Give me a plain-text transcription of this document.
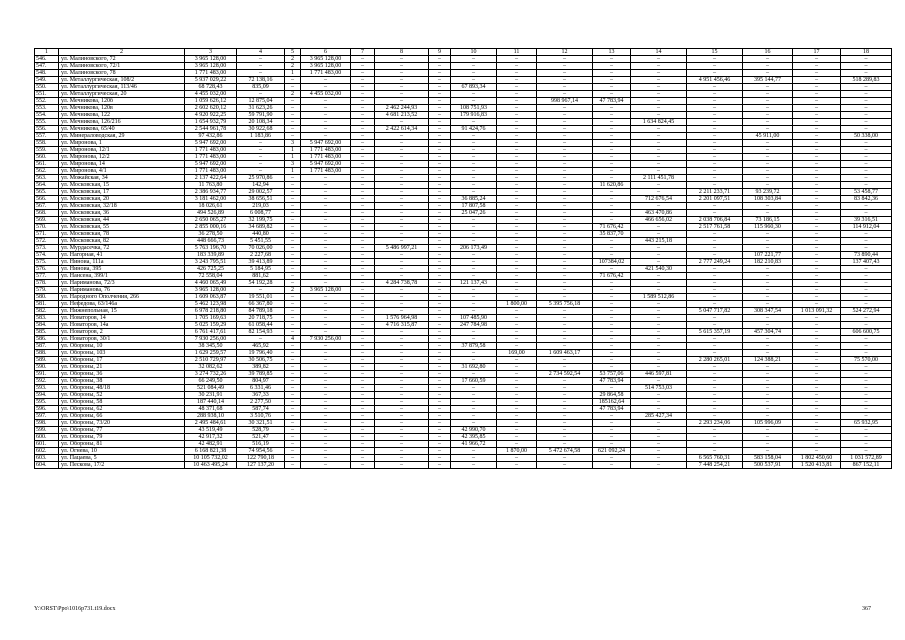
1	2	3	4	5	6	7	8	9	10	11	12	13	14	15	16	17	18
546.	ул. Малиновского, 72	3 965 128,00	–	2	3 965 128,00	–	–	–	–	–	–	–	–	–	–	–	–
547.	ул. Малиновского, 72/1	3 965 128,00	–	2	3 965 128,00	–	–	–	–	–	–	–	–	–	–	–	–
548.	ул. Малиновского, 78	1 771 483,00	–	1	1 771 483,00	–	–	–	–	–	–	–	–	–	–	–	–
549.	ул. Металлургическая, 108/2	5 937 029,22	72 138,16	–	–	–	–	–	–	–	–	–	–	4 951 456,46	395 144,77	–	518 289,83
550.	ул. Металлургическая, 113/46	68 728,43	835,09	–	–	–	–	–	67 893,34	–	–	–	–	–	–	–	–
551.	ул. Металлургическая, 20	4 455 032,00	–	2	4 455 032,00	–	–	–	–	–	–	–	–	–	–	–	–
552.	ул. Мечникова, 120б	1 059 626,12	12 875,04	–	–	–	–	–	–	–	998 967,14	47 783,94	–	–	–	–	–
553.	ул. Мечникова, 120в	2 602 620,12	31 623,26	–	–	–	2 462 244,93	–	108 751,93	–	–	–	–	–	–	–	–
554.	ул. Мечникова, 122	4 920 922,25	59 791,90	–	–	–	4 681 213,52	–	179 916,83	–	–	–	–	–	–	–	–
555.	ул. Мечникова, 126/216	1 654 932,79	20 108,34	–	–	–	–	–	–	–	–	–	1 634 824,45	–	–	–	–
556.	ул. Мечникова, 65/40	2 544 961,78	30 922,68	–	–	–	2 422 614,34	–	91 424,76	–	–	–	–	–	–	–	–
557.	ул. Минераловодская, 29	97 432,86	1 183,86	–	–	–	–	–	–	–	–	–	–	–	45 911,00	–	50 338,00
558.	ул. Миронова, 1	5 947 692,00	–	3	5 947 692,00	–	–	–	–	–	–	–	–	–	–	–	–
559.	ул. Миронова, 12/1	1 771 483,00	–	1	1 771 483,00	–	–	–	–	–	–	–	–	–	–	–	–
560.	ул. Миронова, 12/2	1 771 483,00	–	1	1 771 483,00	–	–	–	–	–	–	–	–	–	–	–	–
561.	ул. Миронова, 14	5 947 692,00	–	3	5 947 692,00	–	–	–	–	–	–	–	–	–	–	–	–
562.	ул. Миронова, 4/1	1 771 483,00	–	1	1 771 483,00	–	–	–	–	–	–	–	–	–	–	–	–
563.	ул. Можайская, 34	2 137 422,64	25 970,86	–	–	–	–	–	–	–	–	–	2 111 451,78	–	–	–	–
564.	ул. Московская, 15	11 763,80	142,94	–	–	–	–	–	–	–	–	11 620,86	–	–	–	–	–
565.	ул. Московская, 17	2 386 934,77	29 002,57	–	–	–	–	–	–	–	–	–	–	2 211 233,71	93 239,72	–	53 458,77
566.	ул. Московская, 20	3 181 462,00	38 656,51	–	–	–	–	–	36 885,24	–	–	–	712 676,54	2 201 097,51	108 303,84	–	83 842,36
567.	ул. Московская, 32/18	18 026,61	219,03	–	–	–	–	–	17 807,58	–	–	–	–	–	–	–	–
568.	ул. Московская, 36	494 526,89	6 008,77	–	–	–	–	–	25 047,26	–	–	–	463 470,86	–	–	–	–
569.	ул. Московская, 44	2 650 065,27	32 199,75	–	–	–	–	–	–	–	–	–	466 656,02	2 038 706,84	73 186,15	–	39 316,51
570.	ул. Московская, 55	2 855 000,16	34 689,82	–	–	–	–	–	–	–	–	71 676,42	–	2 517 761,58	115 960,30	–	114 912,04
571.	ул. Московская, 78	36 278,50	440,80	–	–	–	–	–	–	–	–	35 837,70	–	–	–	–	–
572.	ул. Московская, 82	448 666,73	5 451,55	–	–	–	–	–	–	–	–	–	443 215,18	–	–	–	–
573.	ул. Мурдасечка, 72	5 763 196,70	70 026,00	–	–	–	5 486 997,21	–	206 173,49	–	–	–	–	–	–	–	–
574.	ул. Нагорная, 41	183 339,89	2 227,68	–	–	–	–	–	–	–	–	–	–	–	107 221,77	–	73 890,44
575.	ул. Ниноиа, 111а	3 243 795,51	39 413,89	–	–	–	–	–	–	–	–	107384,02	–	2 777 249,24	182 210,83	–	137 407,43
576.	ул. Ниноиа, 395	426 725,25	5 184,95	–	–	–	–	–	–	–	–	–	421 540,30	–	–	–	–
577.	ул. Нансена, 399/1	72 558,04	881,62	–	–	–	–	–	–	–	–	71 676,42	–	–	–	–	–
578.	ул. Нариманова, 72/3	4 460 065,49	54 192,28	–	–	–	4 284 738,78	–	121 137,43	–	–	–	–	–	–	–	–
579.	ул. Нариманова, 76	3 965 128,00	–	2	3 965 128,00	–	–	–	–	–	–	–	–	–	–	–	–
580.	ул. Народного Ополчения, 266	1 609 063,87	19 551,01	–	–	–	–	–	–	–	–	–	1 589 512,86	–	–	–	–
581.	ул. Нефедова, 63/146а	5 462 123,98	66 367,80	–	–	–	–	–	–	1 800,00	5 395 756,18	–	–	–	–	–	–
582.	ул. Нижнепольная, 15	6 978 218,80	84 789,18	–	–	–	–	–	–	–	–	–	–	5 047 717,82	308 347,54	1 013 091,32	524 272,94
583.	ул. Новаторов, 14	1 705 169,63	20 718,75	–	–	–	1 576 964,98	–	107 485,90	–	–	–	–	–	–	–	–
584.	ул. Новаторов, 14а	5 025 159,29	61 058,44	–	–	–	4 716 315,87	–	247 784,98	–	–	–	–	–	–	–	–
585.	ул. Новаторов, 2	6 761 417,61	82 154,93	–	–	–	–	–	–	–	–	–	–	5 615 357,19	457 304,74	–	606 600,75
586.	ул. Новаторов, 30/1	7 930 256,00	–	4	7 930 256,00	–	–	–	–	–	–	–	–	–	–	–	–
587.	ул. Обороны, 10	38 345,50	465,92	–	–	–	–	–	37 879,58	–	–	–	–	–	–	–	–
588.	ул. Обороны, 103	1 629 259,57	19 796,40	–	–	–	–	–	–	169,00	1 609 463,17	–	–	–	–	–	–
589.	ул. Обороны, 17	2 510 729,97	30 506,75	–	–	–	–	–	–	–	–	–	–	2 280 265,01	124 388,21	–	75 570,00
590.	ул. Обороны, 21	32 082,62	389,82	–	–	–	–	–	31 692,80	–	–	–	–	–	–	–	–
591.	ул. Обороны, 36	3 274 732,26	39 789,85	–	–	–	–	–	–	–	2 734 592,54	53 757,06	446 597,81	–	–	–	–
592.	ул. Обороны, 38	66 249,50	804,97	–	–	–	–	–	17 660,59	–	–	47 783,94	–	–	–	–	–
593.	ул. Обороны, 48/18	521 084,49	6 331,46	–	–	–	–	–	–	–	–	–	514 753,03	–	–	–	–
594.	ул. Обороны, 52	30 231,91	367,33	–	–	–	–	–	–	–	–	29 864,58	–	–	–	–	–
595.	ул. Обороны, 58	187 440,14	2 277,50	–	–	–	–	–	–	–	–	185162,64	–	–	–	–	–
596.	ул. Обороны, 62	48 371,68	587,74	–	–	–	–	–	–	–	–	47 783,94	–	–	–	–	–
597.	ул. Обороны, 66	288 938,10	3 510,76	–	–	–	–	–	–	–	–	–	285 427,34	–	–	–	–
598.	ул. Обороны, 73/20	2 495 484,61	30 321,51	–	–	–	–	–	–	–	–	–	–	2 293 234,06	105 996,09	–	65 932,95
599.	ул. Обороны, 77	43 519,49	528,79	–	–	–	–	–	42 990,70	–	–	–	–	–	–	–	–
600.	ул. Обороны, 79	42 917,32	521,47	–	–	–	–	–	42 395,85	–	–	–	–	–	–	–	–
601.	ул. Обороны, 81	42 482,91	516,19	–	–	–	–	–	41 966,72	–	–	–	–	–	–	–	–
602.	ул. Огнева, 10	6 168 821,38	74 954,56	–	–	–	–	–	–	1 870,00	5 472 674,58	621 092,24	–	–	–	–	–
603.	ул. Пацаева, 5	10 105 732,02	122 790,18	–	–	–	–	–	–	–	–	–	–	6 565 760,31	583 158,04	1 802 450,60	1 031 572,89
604.	ул. Пескова, 17/2	10 463 495,24	127 137,20	–	–	–	–	–	–	–	–	–	–	7 448 254,21	500 537,91	1 520 413,81	867 152,11
Y:\ORST\Ppo\1016p731.t19.docx	367
